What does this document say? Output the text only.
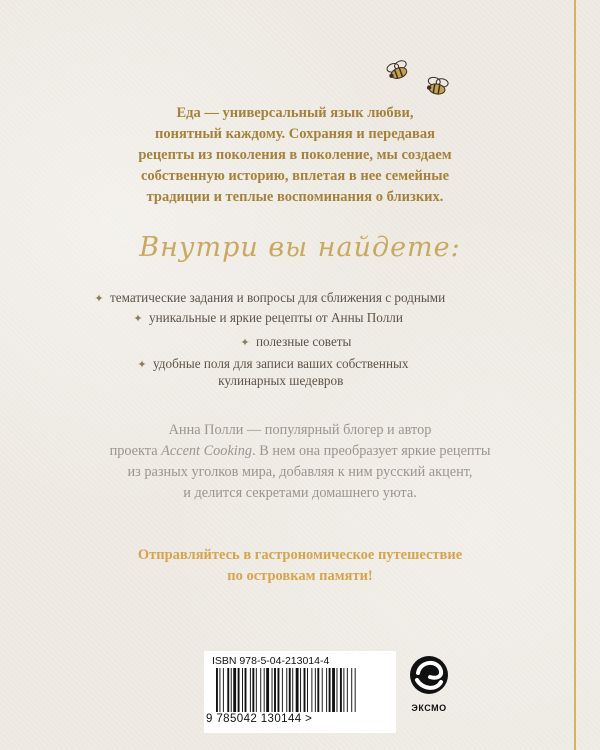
Еда — универсальный язык любви,
понятный каждому. Сохраняя и передавая
рецепты из поколения в поколение, мы создаем
собственную историю, вплетая в нее семейные
традиции и теплые воспоминания о близких.
Внутри вы найдете:
✦ тематические задания и вопросы для сближения с родными
✦ уникальные и яркие рецепты от Анны Полли
✦ полезные советы
✦ удобные поля для записи ваших собственных
кулинарных шедевров
Анна Полли — популярный блогер и автор
проекта Accent Cooking. В нем она преобразует яркие рецепты
из разных уголков мира, добавляя к ним русский акцент,
и делится секретами домашнего уюта.
Отправляйтесь в гастрономическое путешествие
по островкам памяти!
ISBN 978-5-04-213014-4
9 785042 130144 >
ЭКСМО
